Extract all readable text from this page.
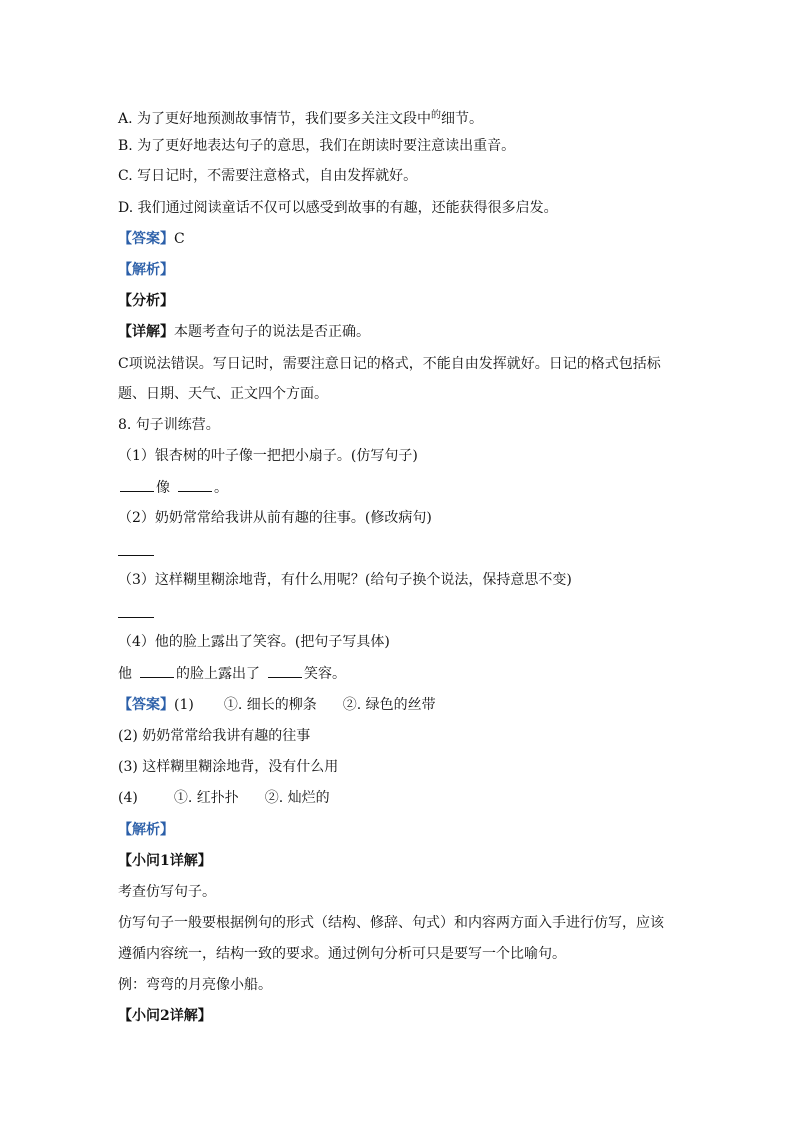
A. 为了更好地预测故事情节，我们要多关注文段中$^的$细节。
B. 为了更好地表达句子的意思，我们在朗读时要注意读出重音。
C. 写日记时，不需要注意格式，自由发挥就好。
D. 我们通过阅读童话不仅可以感受到故事的有趣，还能获得很多启发。
【答案】C
【解析】
【分析】
【详解】本题考查句子的说法是否正确。
C项说法错误。写日记时，需要注意日记的格式，不能自由发挥就好。日记的格式包括标
题、日期、天气、正文四个方面。
8. 句子训练营。
（1）银杏树的叶子像一把把小扇子。(仿写句子)
像	。
（2）奶奶常常给我讲从前有趣的往事。(修改病句)
（3）这样糊里糊涂地背，有什么用呢？(给句子换个说法，保持意思不变)
（4）他的脸上露出了笑容。(把句子写具体)
他	的脸上露出了	笑容。
【答案】(1) ①. 细长的柳条 ②. 绿色的丝带
(2) 奶奶常常给我讲有趣的往事
(3) 这样糊里糊涂地背，没有什么用
(4)	①. 红扑扑 ②. 灿烂的
【解析】
【小问1详解】
考查仿写句子。
仿写句子一般要根据例句的形式（结构、修辞、句式）和内容两方面入手进行仿写，应该
遵循内容统一，结构一致的要求。通过例句分析可只是要写一个比喻句。
例：弯弯的月亮像小船。
【小问2详解】
